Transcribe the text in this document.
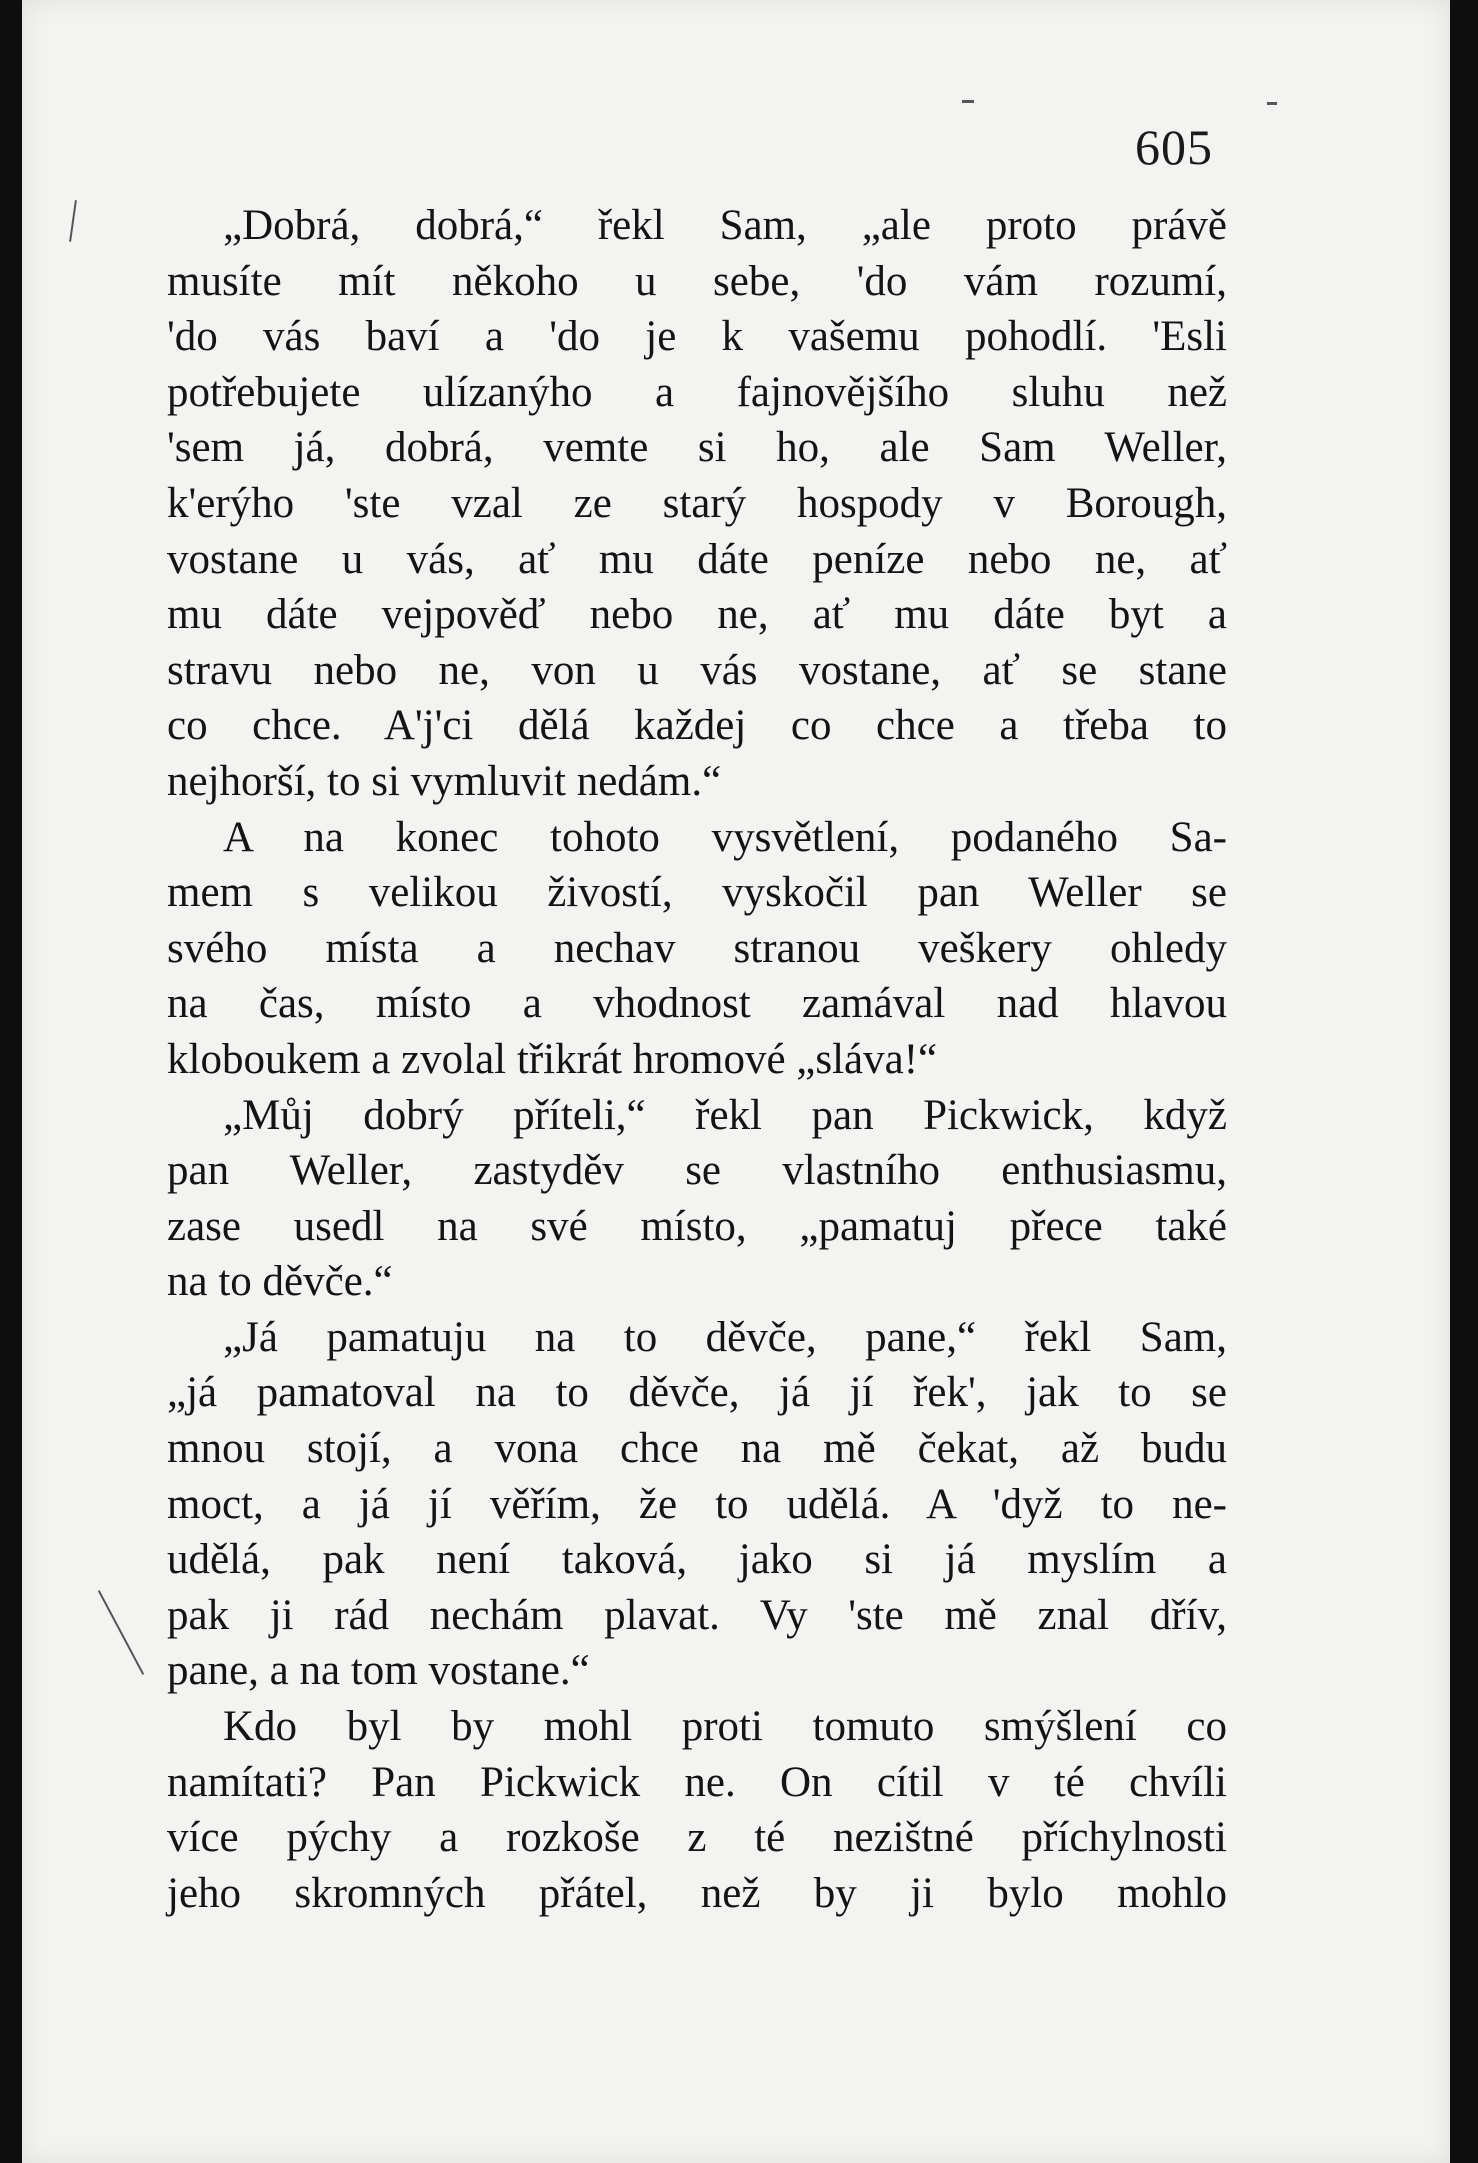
605
„Dobrá, dobrá,“ řekl Sam, „ale proto právě
musíte mít někoho u sebe, 'do vám rozumí,
'do vás baví a 'do je k vašemu pohodlí. 'Esli
potřebujete ulízanýho a fajnovějšího sluhu než
'sem já, dobrá, vemte si ho, ale Sam Weller,
k'erýho 'ste vzal ze starý hospody v Borough,
vostane u vás, ať mu dáte peníze nebo ne, ať
mu dáte vejpověď nebo ne, ať mu dáte byt a
stravu nebo ne, von u vás vostane, ať se stane
co chce. A'j'ci dělá každej co chce a třeba to
nejhorší, to si vymluvit nedám.“
A na konec tohoto vysvětlení, podaného Sa-
mem s velikou živostí, vyskočil pan Weller se
svého místa a nechav stranou veškery ohledy
na čas, místo a vhodnost zamával nad hlavou
kloboukem a zvolal třikrát hromové „sláva!“
„Můj dobrý příteli,“ řekl pan Pickwick, když
pan Weller, zastyděv se vlastního enthusiasmu,
zase usedl na své místo, „pamatuj přece také
na to děvče.“
„Já pamatuju na to děvče, pane,“ řekl Sam,
„já pamatoval na to děvče, já jí řek', jak to se
mnou stojí, a vona chce na mě čekat, až budu
moct, a já jí věřím, že to udělá. A 'dyž to ne-
udělá, pak není taková, jako si já myslím a
pak ji rád nechám plavat. Vy 'ste mě znal dřív,
pane, a na tom vostane.“
Kdo byl by mohl proti tomuto smýšlení co
namítati? Pan Pickwick ne. On cítil v té chvíli
více pýchy a rozkoše z té nezištné příchylnosti
jeho skromných přátel, než by ji bylo mohlo
